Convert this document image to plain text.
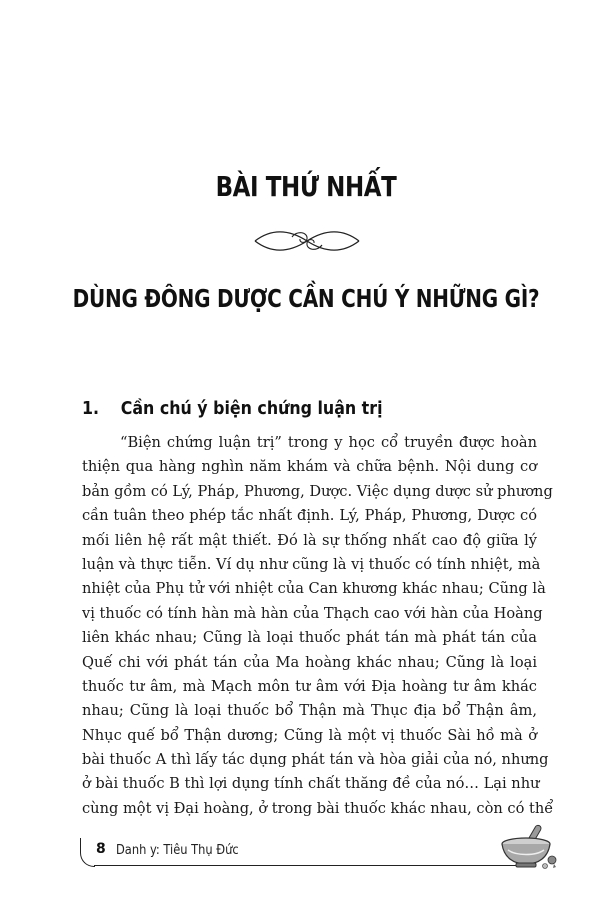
BÀI THỨ NHẤT
DÙNG ĐÔNG DƯỢC CẦN CHÚ Ý NHỮNG GÌ?
1. Cần chú ý biện chứng luận trị
“Biện chứng luận trị” trong y học cổ truyền được hoàn
thiện qua hàng nghìn năm khám và chữa bệnh. Nội dung cơ
bản gồm có Lý, Pháp, Phương, Dược. Việc dụng dược sử phương
cần tuân theo phép tắc nhất định. Lý, Pháp, Phương, Dược có
mối liên hệ rất mật thiết. Đó là sự thống nhất cao độ giữa lý
luận và thực tiễn. Ví dụ như cũng là vị thuốc có tính nhiệt, mà
nhiệt của Phụ tử với nhiệt của Can khương khác nhau; Cũng là
vị thuốc có tính hàn mà hàn của Thạch cao với hàn của Hoàng
liên khác nhau; Cũng là loại thuốc phát tán mà phát tán của
Quế chi với phát tán của Ma hoàng khác nhau; Cũng là loại
thuốc tư âm, mà Mạch môn tư âm với Địa hoàng tư âm khác
nhau; Cũng là loại thuốc bổ Thận mà Thục địa bổ Thận âm,
Nhục quế bổ Thận dương; Cũng là một vị thuốc Sài hồ mà ở
bài thuốc A thì lấy tác dụng phát tán và hòa giải của nó, nhưng
ở bài thuốc B thì lợi dụng tính chất thăng đề của nó… Lại như
cùng một vị Đại hoàng, ở trong bài thuốc khác nhau, còn có thể
8 Danh y: Tiêu Thụ Đức
